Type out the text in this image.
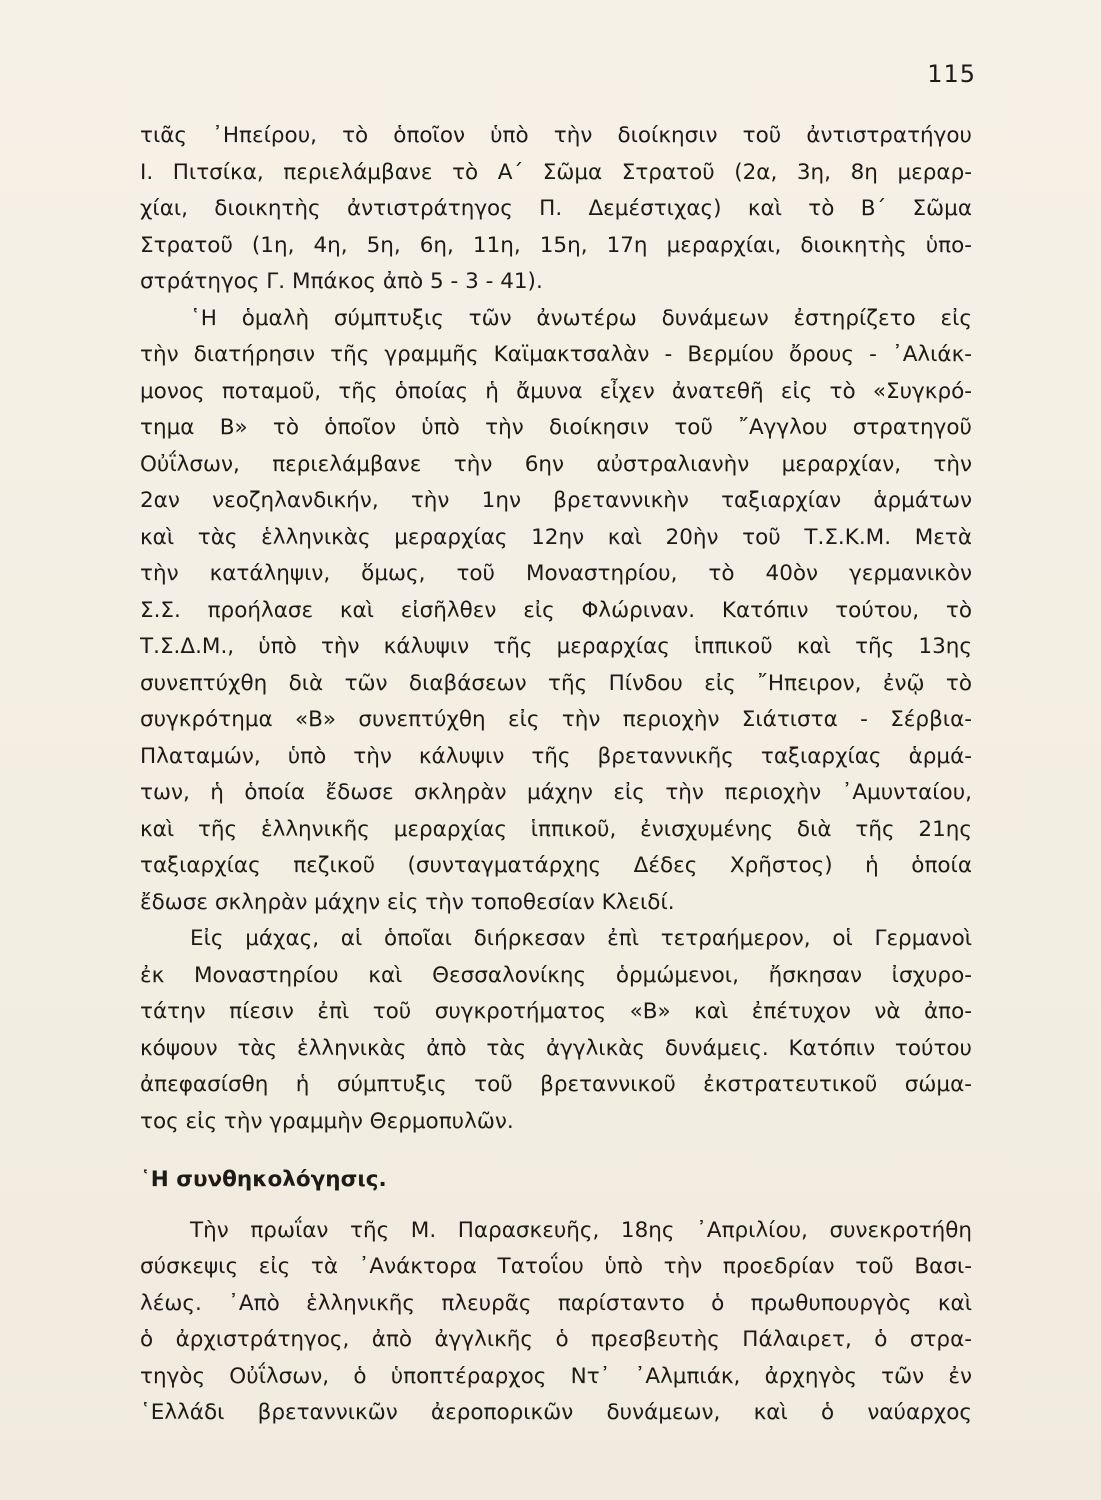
115

τιᾶς ᾽Ηπείρου, τὸ ὁποῖον ὑπὸ τὴν διοίκησιν τοῦ ἀντιστρατήγου
Ι. Πιτσίκα, περιελάμβανε τὸ Α΄ Σῶμα Στρατοῦ (2α, 3η, 8η μεραρ-
χίαι, διοικητὴς ἀντιστράτηγος Π. Δεμέστιχας) καὶ τὸ Β΄ Σῶμα
Στρατοῦ (1η, 4η, 5η, 6η, 11η, 15η, 17η μεραρχίαι, διοικητὴς ὑπο-
στράτηγος Γ. Μπάκος ἀπὸ 5 - 3 - 41).

῾Η ὁμαλὴ σύμπτυξις τῶν ἀνωτέρω δυνάμεων ἐστηρίζετο εἰς
τὴν διατήρησιν τῆς γραμμῆς Καϊμακτσαλὰν - Βερμίου ὄρους - ᾽Αλιάκ-
μονος ποταμοῦ, τῆς ὁποίας ἡ ἄμυνα εἶχεν ἀνατεθῆ εἰς τὸ «Συγκρό-
τημα Β» τὸ ὁποῖον ὑπὸ τὴν διοίκησιν τοῦ ῎Αγγλου στρατηγοῦ
Οὐΐλσων, περιελάμβανε τὴν 6ην αὐστραλιανὴν μεραρχίαν, τὴν
2αν νεοζηλανδικήν, τὴν 1ην βρεταννικὴν ταξιαρχίαν ἁρμάτων
καὶ τὰς ἑλληνικὰς μεραρχίας 12ην καὶ 20ὴν τοῦ Τ.Σ.Κ.Μ. Μετὰ
τὴν κατάληψιν, ὅμως, τοῦ Μοναστηρίου, τὸ 40ὸν γερμανικὸν
Σ.Σ. προήλασε καὶ εἰσῆλθεν εἰς Φλώριναν. Κατόπιν τούτου, τὸ
Τ.Σ.Δ.Μ., ὑπὸ τὴν κάλυψιν τῆς μεραρχίας ἱππικοῦ καὶ τῆς 13ης
συνεπτύχθη διὰ τῶν διαβάσεων τῆς Πίνδου εἰς ῎Ηπειρον, ἐνῷ τὸ
συγκρότημα «Β» συνεπτύχθη εἰς τὴν περιοχὴν Σιάτιστα - Σέρβια-
Πλαταμών, ὑπὸ τὴν κάλυψιν τῆς βρεταννικῆς ταξιαρχίας ἁρμά-
των, ἡ ὁποία ἔδωσε σκληρὰν μάχην εἰς τὴν περιοχὴν ᾽Αμυνταίου,
καὶ τῆς ἑλληνικῆς μεραρχίας ἱππικοῦ, ἐνισχυμένης διὰ τῆς 21ης
ταξιαρχίας πεζικοῦ (συνταγματάρχης Δέδες Χρῆστος) ἡ ὁποία
ἔδωσε σκληρὰν μάχην εἰς τὴν τοποθεσίαν Κλειδί.

Εἰς μάχας, αἱ ὁποῖαι διήρκεσαν ἐπὶ τετραήμερον, οἱ Γερμανοὶ
ἐκ Μοναστηρίου καὶ Θεσσαλονίκης ὁρμώμενοι, ἤσκησαν ἰσχυρο-
τάτην πίεσιν ἐπὶ τοῦ συγκροτήματος «Β» καὶ ἐπέτυχον νὰ ἀπο-
κόψουν τὰς ἑλληνικὰς ἀπὸ τὰς ἀγγλικὰς δυνάμεις. Κατόπιν τούτου
ἀπεφασίσθη ἡ σύμπτυξις τοῦ βρεταννικοῦ ἐκστρατευτικοῦ σώμα-
τος εἰς τὴν γραμμὴν Θερμοπυλῶν.

῾Η συνθηκολόγησις.

Τὴν πρωΐαν τῆς Μ. Παρασκευῆς, 18ης ᾽Απριλίου, συνεκροτήθη
σύσκεψις εἰς τὰ ᾽Ανάκτορα Τατοΐου ὑπὸ τὴν προεδρίαν τοῦ Βασι-
λέως. ᾽Απὸ ἑλληνικῆς πλευρᾶς παρίσταντο ὁ πρωθυπουργὸς καὶ
ὁ ἀρχιστράτηγος, ἀπὸ ἀγγλικῆς ὁ πρεσβευτὴς Πάλαιρετ, ὁ στρα-
τηγὸς Οὐΐλσων, ὁ ὑποπτέραρχος Ντ᾽ ᾽Αλμπιάκ, ἀρχηγὸς τῶν ἐν
῾Ελλάδι βρεταννικῶν ἀεροπορικῶν δυνάμεων, καὶ ὁ ναύαρχος
